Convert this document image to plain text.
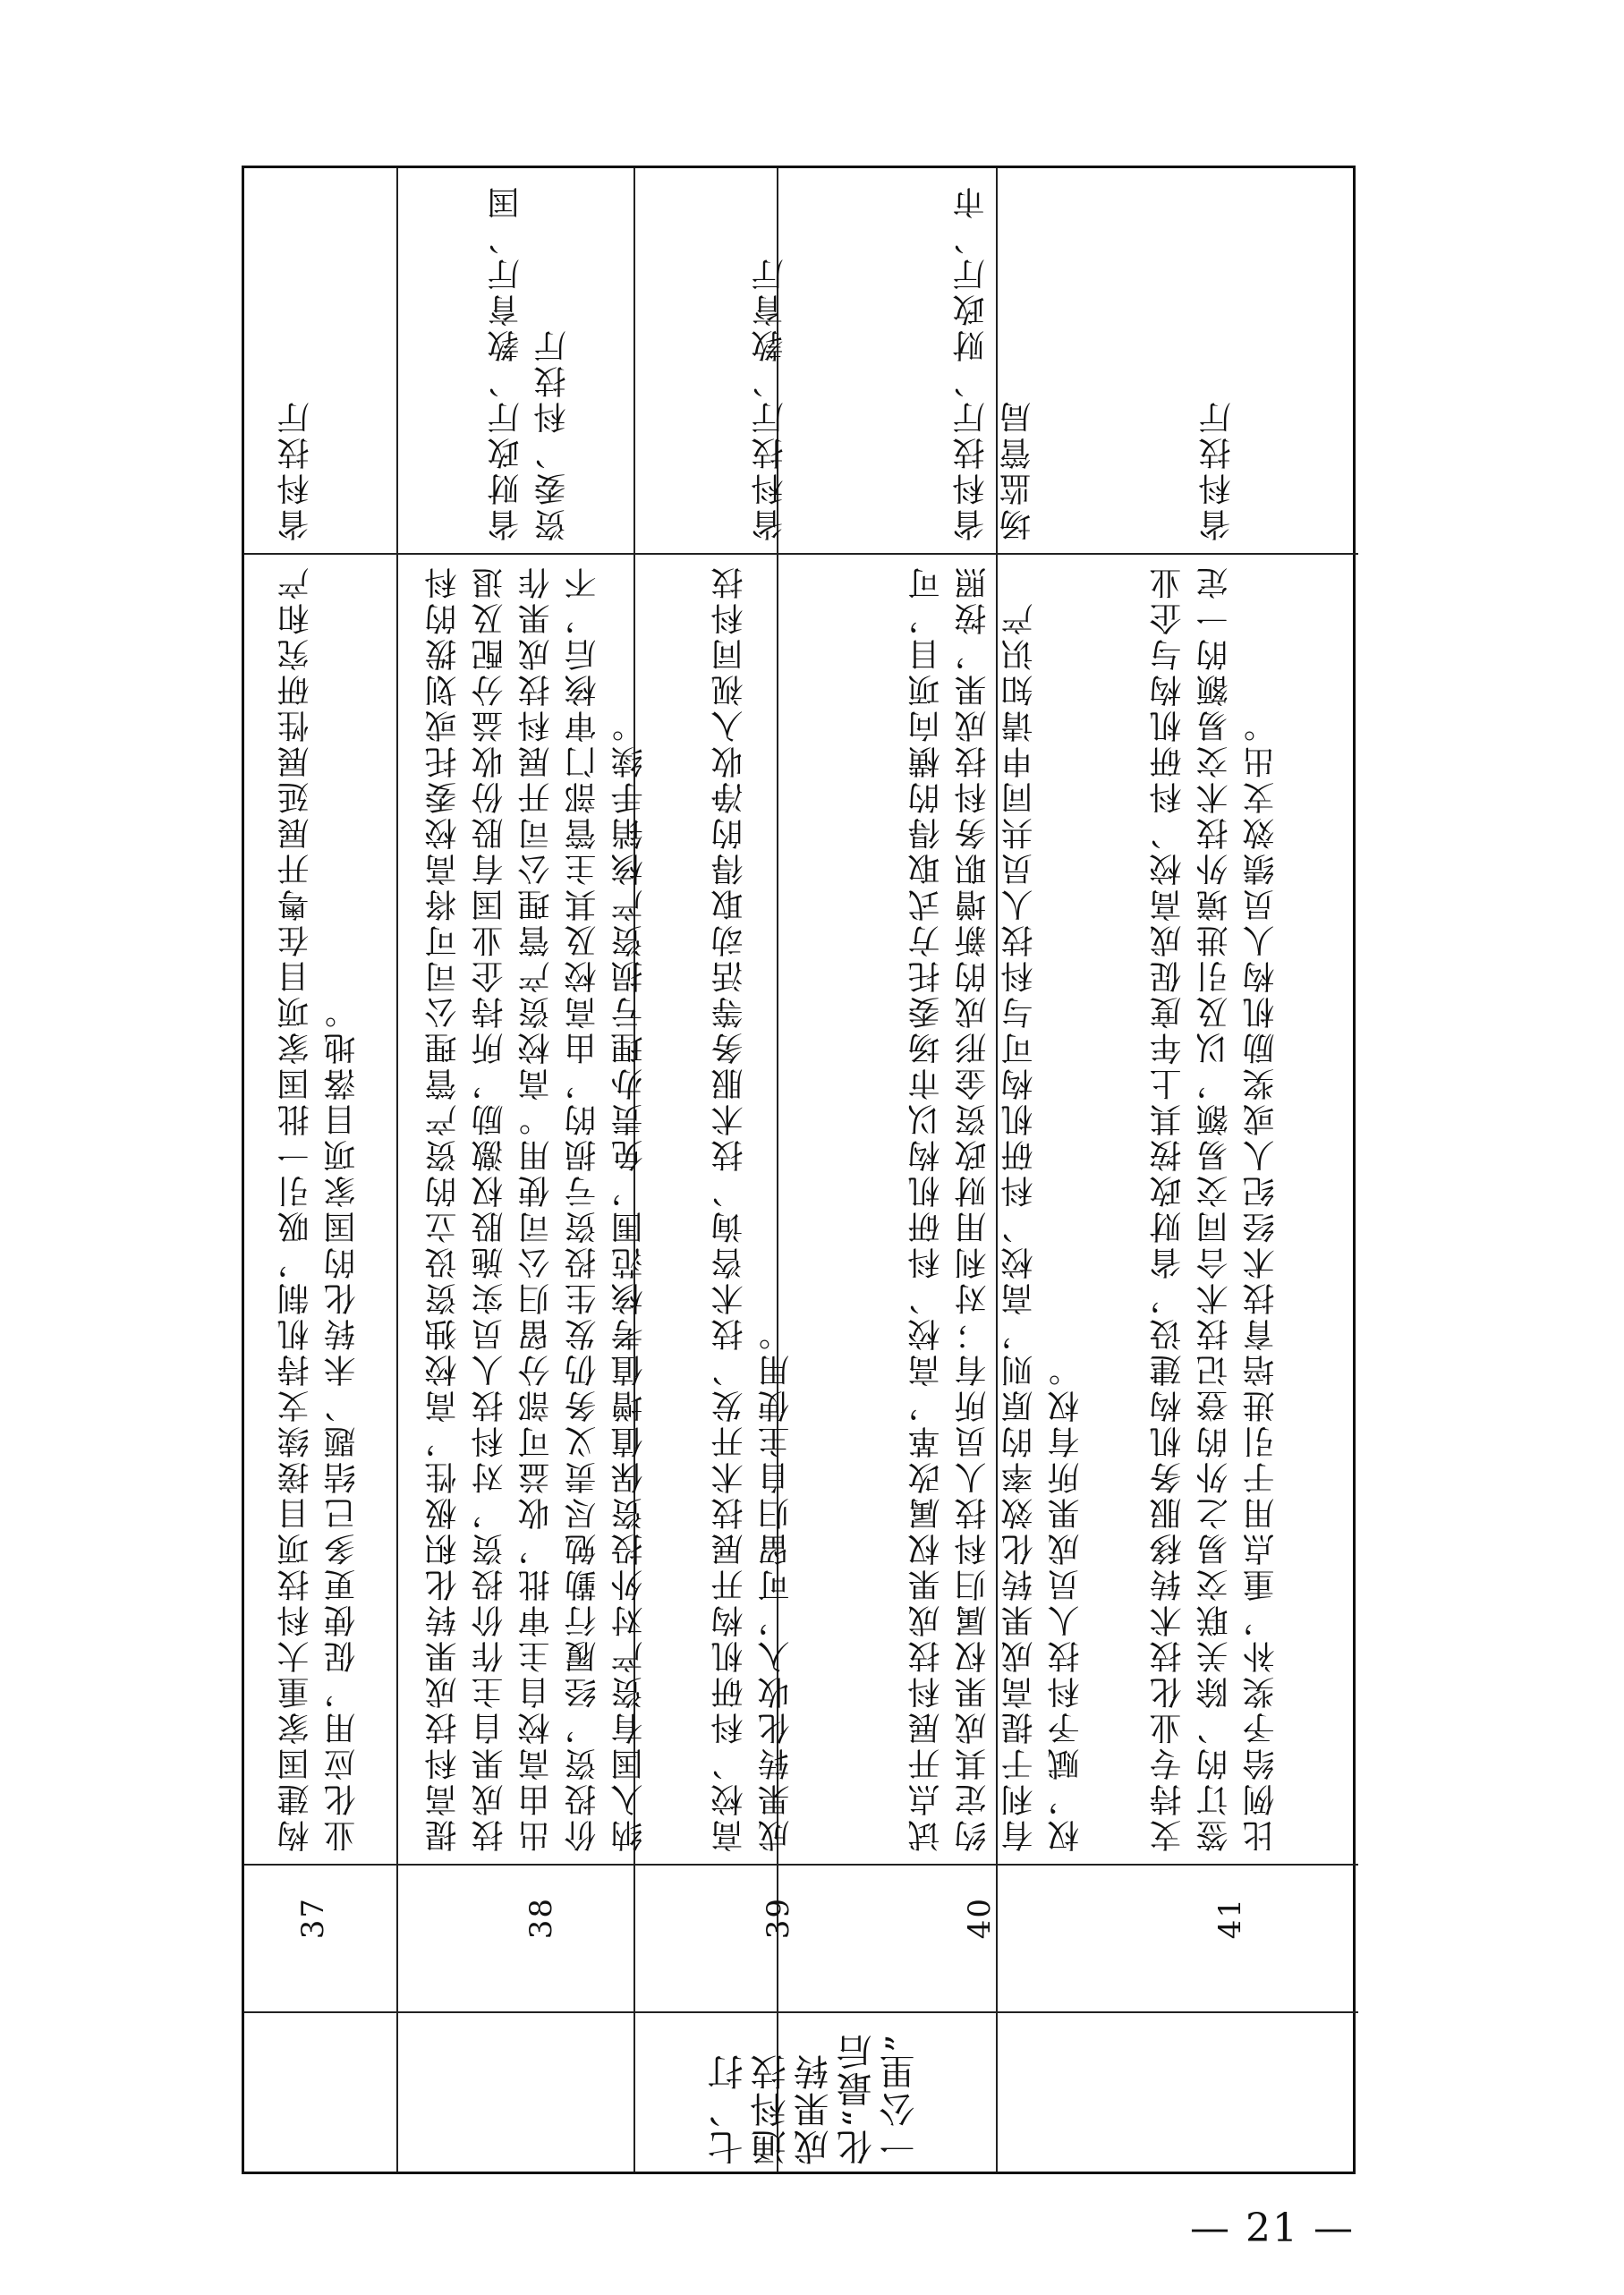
七、打通科技成果转化“最后一公里”
构建国家重大科技项目接续支持机制，吸引一批国家项目在粤开展延展性研究和产业化应用，促使更多已结题、未转化的国家项目落地。
省科技厅
37
提高科技成果转化积极性，高校独资设立的资产管理公司可将高校委托或划拨的科技成果自主作价投资，对科技人员实施股权激励，所持企业国有股份收益分配及退出由高校自主审批，收益可部分留归公司使用。高校资产管理公司开展科技成果作价投资，经履行勤勉尽责义务仍发生投资亏损的，由高校及其主管部门审核后，不纳入国有资产对外投资保值增值考核范围，免责办理亏损资产核销手续。
省财政厅、教育厅、国资委、科技厅
38
高校、科研机构开展技术开发、技术咨询、技术服务等活动取得的净收入视同科技成果转化收入，可留归自主使用。
省科技厅、教育厅
39
试点开展科技成果权属改革，高校、科研机构以市场委托方式取得的横向项目，可约定其成果权属归科技人员所有；对利用财政资金形成的新增职务科技成果，按照有利于提高成果转化效率的原则，高校、科研机构可与科技人员共同申请知识产权，赋予科技人员成果所有权。
省科技厅、财政厅、市场监管局
40
支持专业化技术转移服务机构建设，省财政按其上年度促成高校、科研机构与企业签订的、除关联交易之外的登记技术合同交易额，以及引进境外技术交易额的一定比例给予奖补，重点用于引进培育技术经纪人或奖励机构人员绩效支出。
省科技厅
41
— 21 —
